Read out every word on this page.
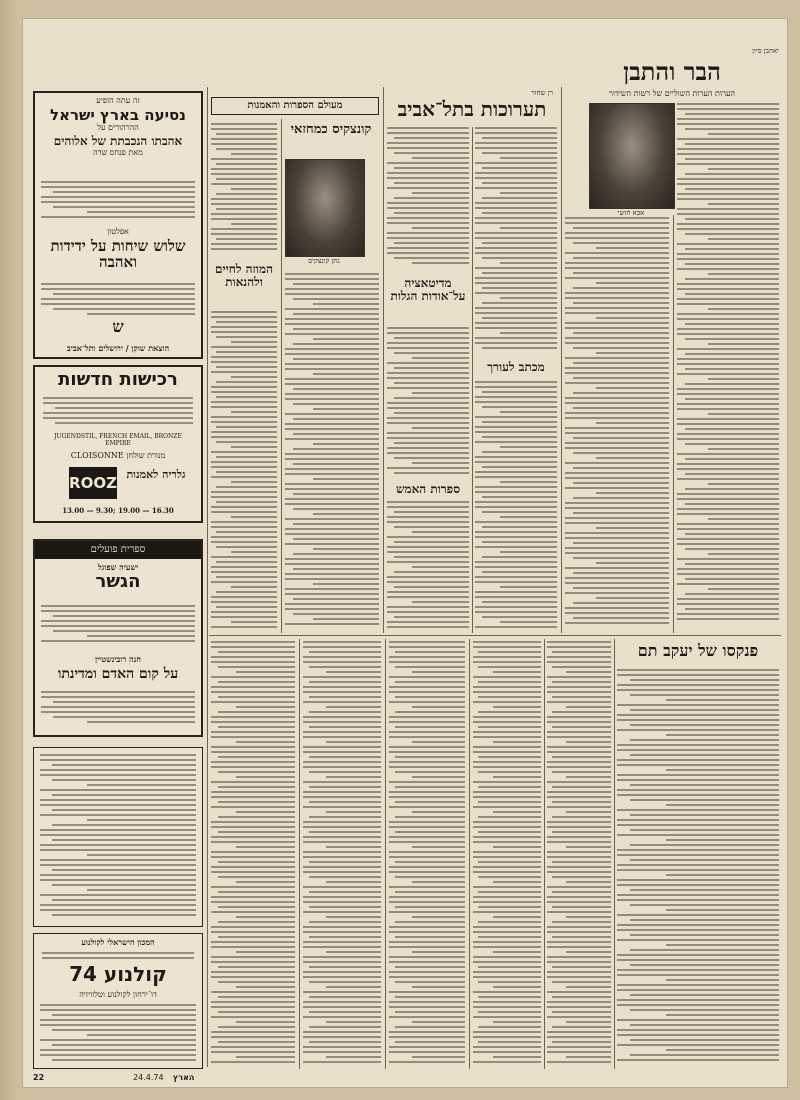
זה עתה הופיע
נסיעה בארץ ישראל
ההרהורים על
אהבתו הנכבתת של אלוהים
מאת פנחס שדה
אפלטון
שלוש שיחות על ידידות ואהבה
ש
הוצאת שוקן / ירושלים ותל־אביב
רכישות חדשות
JUGENDSTIL, FRENCH EMAIL, BRONZE EMPIRE
מנורת שולחן CLOISONNE
ROOZ גלריה לאמנות
16.30 — 19.00 ;9.30 — 13.00
ספרית פועלים
ישעיה שפוגל
הגשר
חנה רובינשטיין
על קום האדם ומדינתו
המכון הישראלי לקולנוע
קולנוע 74
דו־ירחון לקולנוע וטלוויזיה
מעולם הספרות והאמנות
קונצקיס כמחזאי
נתן קונצקיס
המוזה לחיים ולהנאות
רן שחור
תערוכות בתל־אביב
מדיטאציה על־אודות הגלות
מכתב לעורך
ספרות האמש
יאהבן סיון
הבר והתבן
הערות הערות השוליים של רשות השידור
אבא חושי
פנקסו של יעקב תם
22	24.4.74 הארץ
